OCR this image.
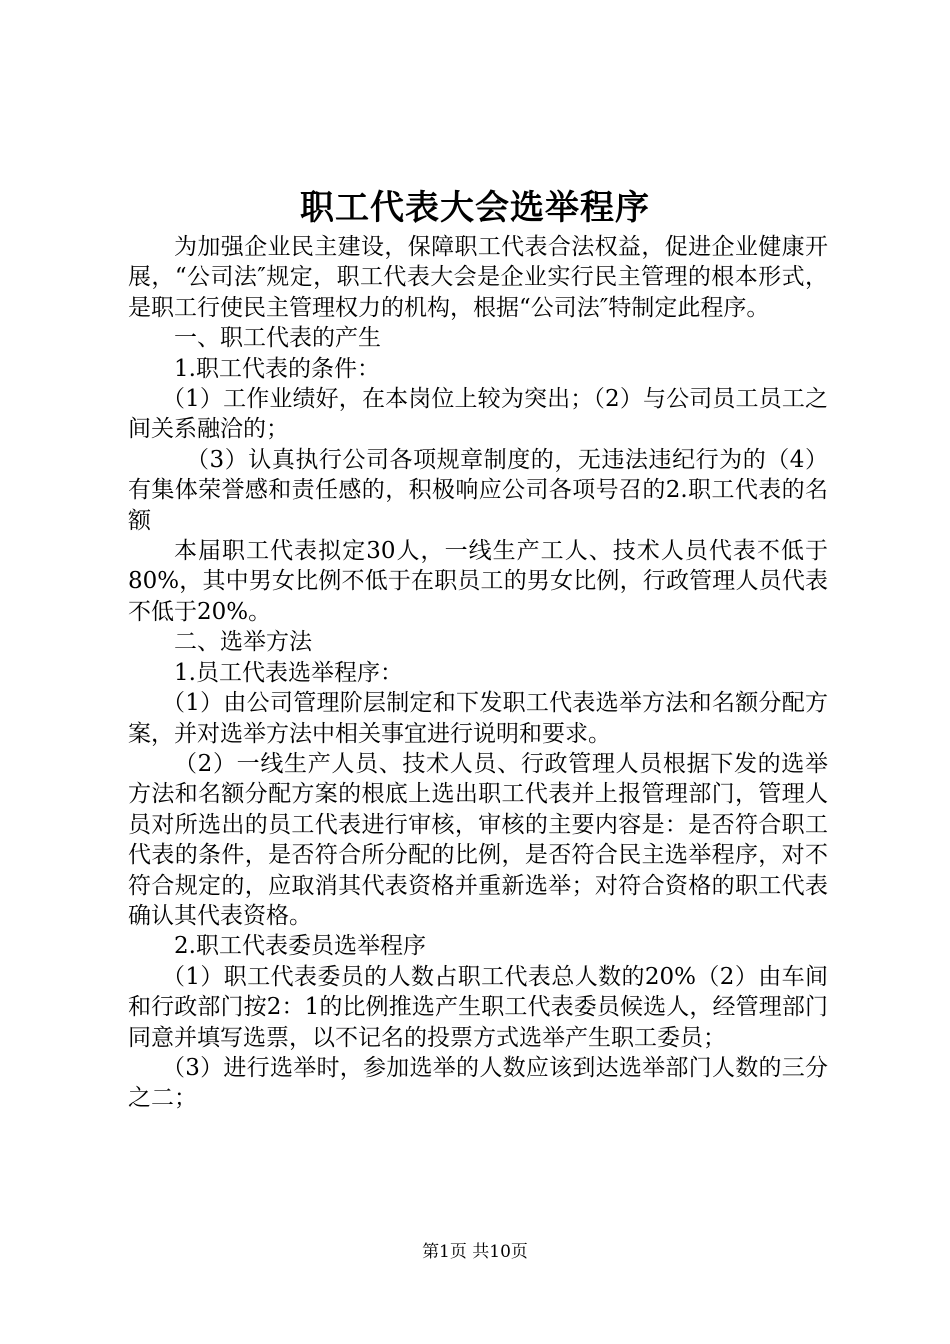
职工代表大会选举程序

为加强企业民主建设，保障职工代表合法权益，促进企业健康开展，“公司法″规定，职工代表大会是企业实行民主管理的根本形式，是职工行使民主管理权力的机构，根据“公司法″特制定此程序。

一、职工代表的产生

1.职工代表的条件：

（1）工作业绩好，在本岗位上较为突出；（2）与公司员工员工之间关系融洽的；

（3）认真执行公司各项规章制度的，无违法违纪行为的（4）有集体荣誉感和责任感的，积极响应公司各项号召的2.职工代表的名额

本届职工代表拟定30人，一线生产工人、技术人员代表不低于80%，其中男女比例不低于在职员工的男女比例，行政管理人员代表不低于20%。

二、选举方法

1.员工代表选举程序：

（1）由公司管理阶层制定和下发职工代表选举方法和名额分配方案，并对选举方法中相关事宜进行说明和要求。

（2）一线生产人员、技术人员、行政管理人员根据下发的选举方法和名额分配方案的根底上选出职工代表并上报管理部门，管理人员对所选出的员工代表进行审核，审核的主要内容是：是否符合职工代表的条件，是否符合所分配的比例，是否符合民主选举程序，对不符合规定的，应取消其代表资格并重新选举；对符合资格的职工代表确认其代表资格。

2.职工代表委员选举程序

（1）职工代表委员的人数占职工代表总人数的20%（2）由车间和行政部门按2：1的比例推选产生职工代表委员候选人，经管理部门同意并填写选票，以不记名的投票方式选举产生职工委员；

（3）进行选举时，参加选举的人数应该到达选举部门人数的三分之二；

第1页 共10页
